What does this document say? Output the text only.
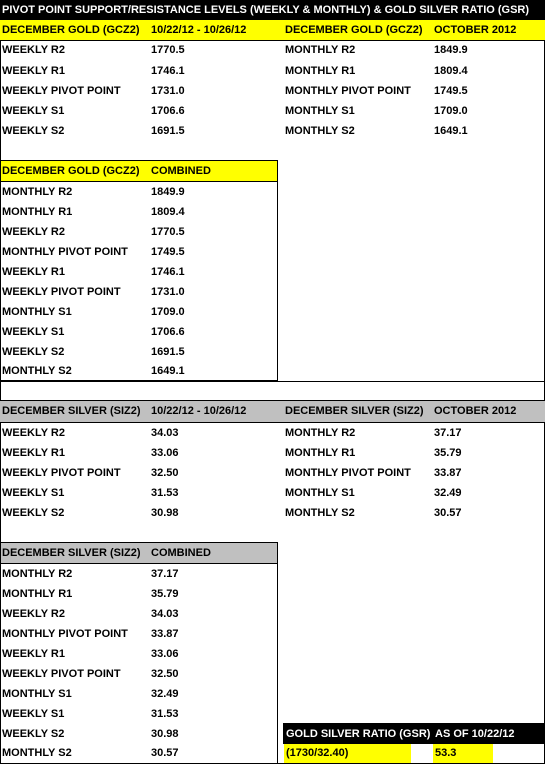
PIVOT POINT SUPPORT/RESISTANCE LEVELS (WEEKLY & MONTHLY) & GOLD SILVER RATIO (GSR)
DECEMBER GOLD (GCZ2) 10/22/12 - 10/26/12
WEEKLY R2	1770.5
WEEKLY R1	1746.1
WEEKLY PIVOT POINT	1731.0
WEEKLY S1	1706.6
WEEKLY S2	1691.5
DECEMBER GOLD (GCZ2) OCTOBER 2012
MONTHLY R2	1849.9
MONTHLY R1	1809.4
MONTHLY PIVOT POINT 1749.5
MONTHLY S1	1709.0
MONTHLY S2	1649.1
DECEMBER GOLD (GCZ2) COMBINED
MONTHLY R2	1849.9
MONTHLY R1	1809.4
WEEKLY R2	1770.5
MONTHLY PIVOT POINT 1749.5
WEEKLY R1	1746.1
WEEKLY PIVOT POINT	1731.0
MONTHLY S1	1709.0
WEEKLY S1	1706.6
WEEKLY S2	1691.5
MONTHLY S2	1649.1
DECEMBER SILVER (SIZ2) 10/22/12 - 10/26/12	DECEMBER SILVER (SIZ2) OCTOBER 2012
WEEKLY R2	34.03
WEEKLY R1	33.06
WEEKLY PIVOT POINT	32.50
WEEKLY S1	31.53
WEEKLY S2	30.98
MONTHLY R2	37.17
MONTHLY R1	35.79
MONTHLY PIVOT POINT 33.87
MONTHLY S1	32.49
MONTHLY S2	30.57
DECEMBER SILVER (SIZ2) COMBINED
MONTHLY R2	37.17
MONTHLY R1	35.79
WEEKLY R2	34.03
MONTHLY PIVOT POINT 33.87
WEEKLY R1	33.06
WEEKLY PIVOT POINT	32.50
MONTHLY S1	32.49
WEEKLY S1	31.53
WEEKLY S2	30.98
MONTHLY S2	30.57
GOLD SILVER RATIO (GSR) AS OF 10/22/12
(1730/32.40)	53.3
